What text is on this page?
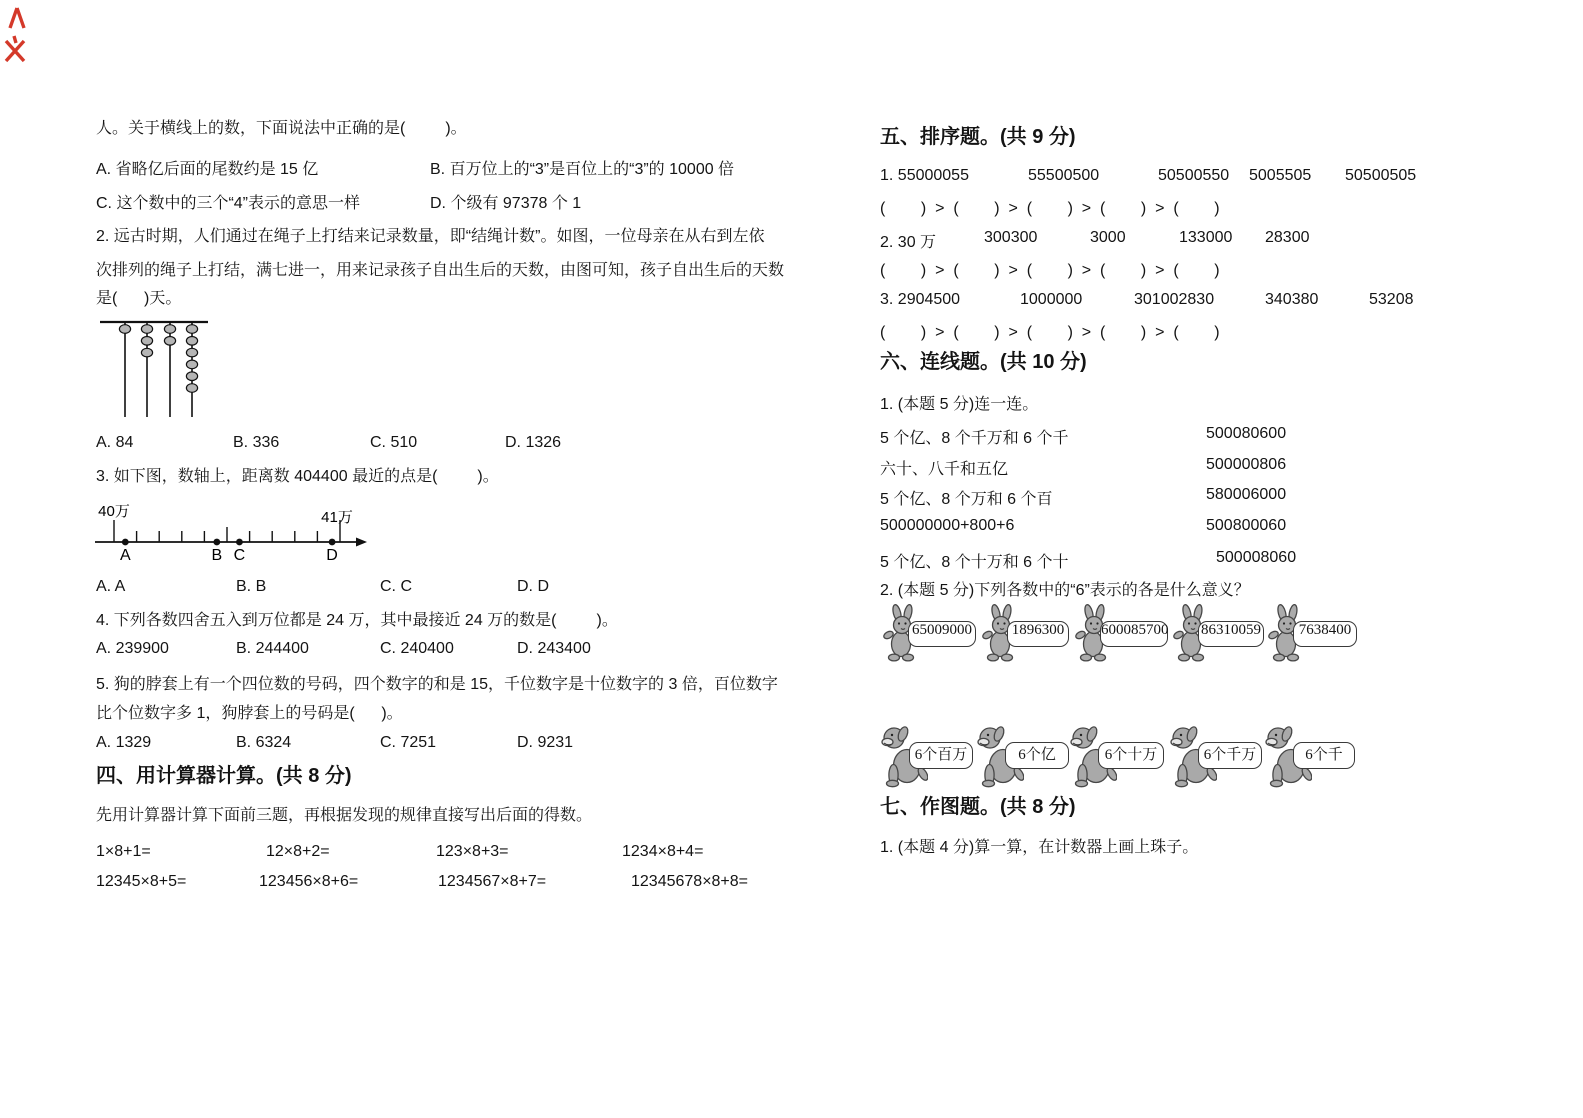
人。关于横线上的数，下面说法中正确的是(         )。
A. 省略亿后面的尾数约是 15 亿	B. 百万位上的“3”是百位上的“3”的 10000 倍
C. 这个数中的三个“4”表示的意思一样	D. 个级有 97378 个 1
2. 远古时期，人们通过在绳子上打结来记录数量，即“结绳计数”。如图，一位母亲在从右到左依
次排列的绳子上打结，满七进一，用来记录孩子自出生后的天数，由图可知，孩子自出生后的天数
是(      )天。
A. 84	B. 336	C. 510	D. 1326
3. 如下图，数轴上，距离数 404400 最近的点是(         )。
40万	41万
A	B C	D
A. A	B. B	C. C	D. D
4. 下列各数四舍五入到万位都是 24 万，其中最接近 24 万的数是(         )。
A. 239900	B. 244400	C. 240400	D. 243400
5. 狗的脖套上有一个四位数的号码，四个数字的和是 15，千位数字是十位数字的 3 倍，百位数字
比个位数字多 1，狗脖套上的号码是(      )。
A. 1329	B. 6324	C. 7251	D. 9231
四、用计算器计算。(共 8 分)
先用计算器计算下面前三题，再根据发现的规律直接写出后面的得数。
1×8+1=	12×8+2=	123×8+3=	1234×8+4=
12345×8+5=	123456×8+6=	1234567×8+7=	12345678×8+8=
五、排序题。(共 9 分)
1. 55000055	55500500	50500550 5005505 50500505
(        )  >  (        )  >  (        )  >  (        )  >  (        )
2. 30 万	300300	3000	133000 28300
(        )  >  (        )  >  (        )  >  (        )  >  (        )
3. 2904500	1000000	301002830	340380	53208
(        )  >  (        )  >  (        )  >  (        )  >  (        )
六、连线题。(共 10 分)
1. (本题 5 分)连一连。
5 个亿、8 个千万和 6 个千	500080600
六十、八千和五亿	500000806
5 个亿、8 个万和 6 个百	580006000
500000000+800+6	500800060
5 个亿、8 个十万和 6 个十	500008060
2. (本题 5 分)下列各数中的“6”表示的各是什么意义？
65009000	1896300	600085700 86310059	7638400
6个百万	6个亿	6个十万	6个千万	6个千
七、作图题。(共 8 分)
1. (本题 4 分)算一算，在计数器上画上珠子。
